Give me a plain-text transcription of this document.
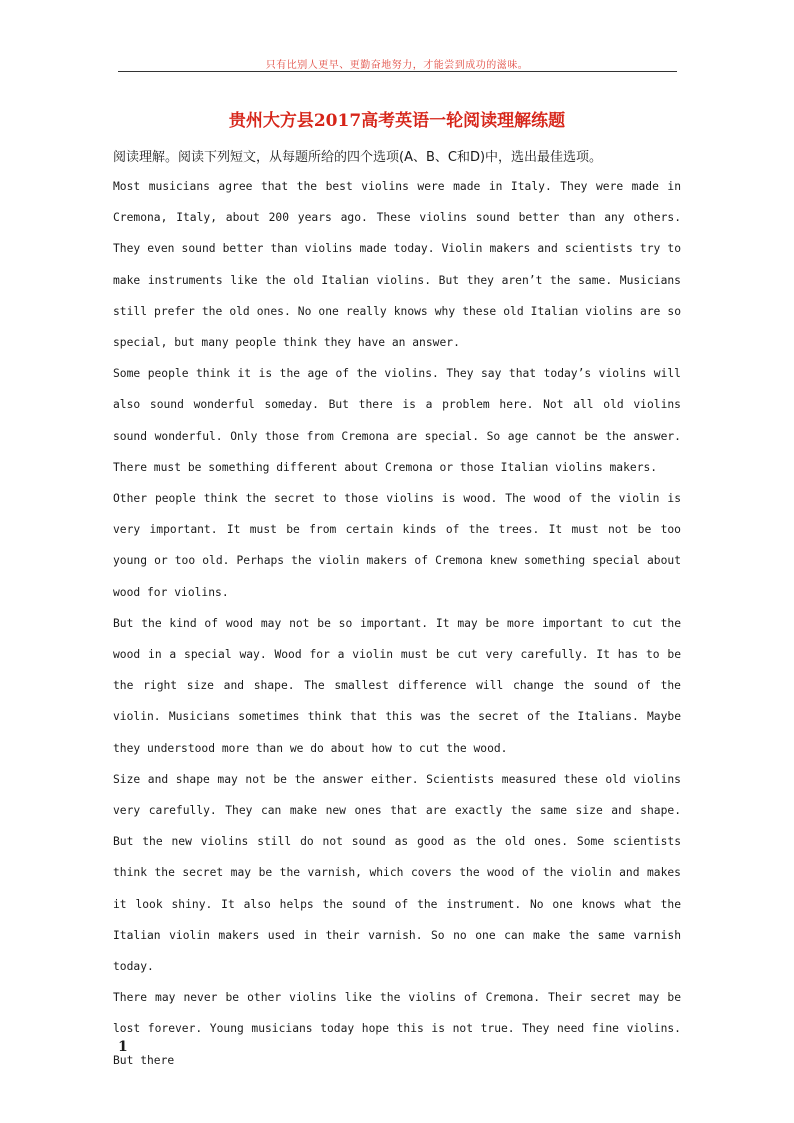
只有比别人更早、更勤奋地努力，才能尝到成功的滋味。
贵州大方县2017高考英语一轮阅读理解练题
阅读理解。阅读下列短文，从每题所给的四个选项(A、B、C和D)中，选出最佳选项。

Most musicians agree that the best violins were made in Italy. They were made in Cremona, Italy, about 200 years ago. These violins sound better than any others. They even sound better than violins made today. Violin makers and scientists try to make instruments like the old Italian violins. But they aren’t the same. Musicians still prefer the old ones. No one really knows why these old Italian violins are so special, but many people think they have an answer.

Some people think it is the age of the violins. They say that today’s violins will also sound wonderful someday. But there is a problem here. Not all old violins sound wonderful. Only those from Cremona are special. So age cannot be the answer. There must be something different about Cremona or those Italian violins makers.

Other people think the secret to those violins is wood. The wood of the violin is very important. It must be from certain kinds of the trees. It must not be too young or too old. Perhaps the violin makers of Cremona knew something special about wood for violins.

But the kind of wood may not be so important. It may be more important to cut the wood in a special way. Wood for a violin must be cut very carefully. It has to be the right size and shape. The smallest difference will change the sound of the violin. Musicians sometimes think that this was the secret of the Italians. Maybe they understood more than we do about how to cut the wood.

Size and shape may not be the answer either. Scientists measured these old violins very carefully. They can make new ones that are exactly the same size and shape. But the new violins still do not sound as good as the old ones. Some scientists think the secret may be the varnish, which covers the wood of the violin and makes it look shiny. It also helps the sound of the instrument. No one knows what the Italian violin makers used in their varnish. So no one can make the same varnish today.

There may never be other violins like the violins of Cremona. Their secret may be lost forever. Young musicians today hope this is not true. They need fine violins. But there

1
